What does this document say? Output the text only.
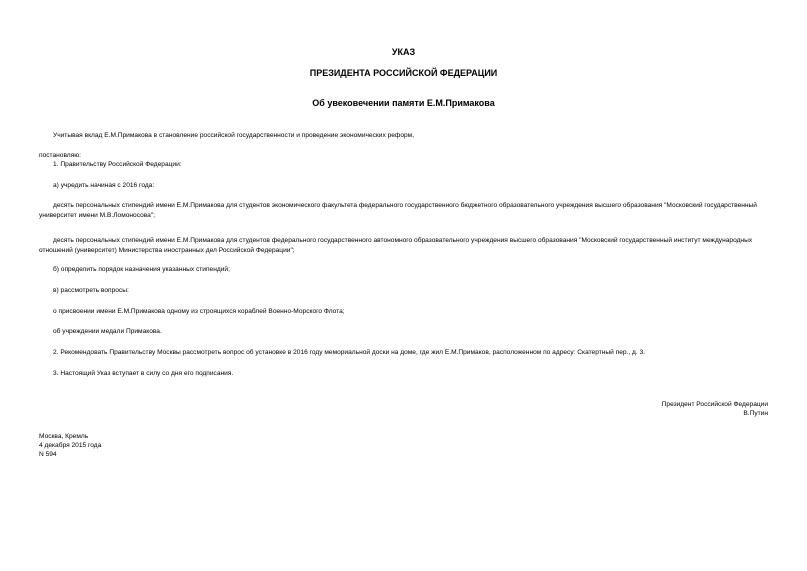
УКАЗ
ПРЕЗИДЕНТА РОССИЙСКОЙ ФЕДЕРАЦИИ
Об увековечении памяти Е.М.Примакова
Учитывая вклад Е.М.Примакова в становление российской государственности и проведение экономических реформ,
постановляю:
1. Правительству Российской Федерации:
а) учредить начиная с 2016 года:
десять персональных стипендий имени Е.М.Примакова для студентов экономического факультета федерального государственного бюджетного образовательного учреждения высшего образования "Московский государственный университет имени М.В.Ломоносова";
десять персональных стипендий имени Е.М.Примакова для студентов федерального государственного автономного образовательного учреждения высшего образования "Московский государственный институт международных отношений (университет) Министерства иностранных дел Российской Федерации";
б) определить порядок назначения указанных стипендий;
в) рассмотреть вопросы:
о присвоении имени Е.М.Примакова одному из строящихся кораблей Военно-Морского Флота;
об учреждении медали Примакова.
2. Рекомендовать Правительству Москвы рассмотреть вопрос об установке в 2016 году мемориальной доски на доме, где жил Е.М.Примаков, расположенном по адресу: Скатертный пер., д. 3.
3. Настоящий Указ вступает в силу со дня его подписания.
Президент Российской Федерации
В.Путин
Москва, Кремль
4 декабря 2015 года
N 594
